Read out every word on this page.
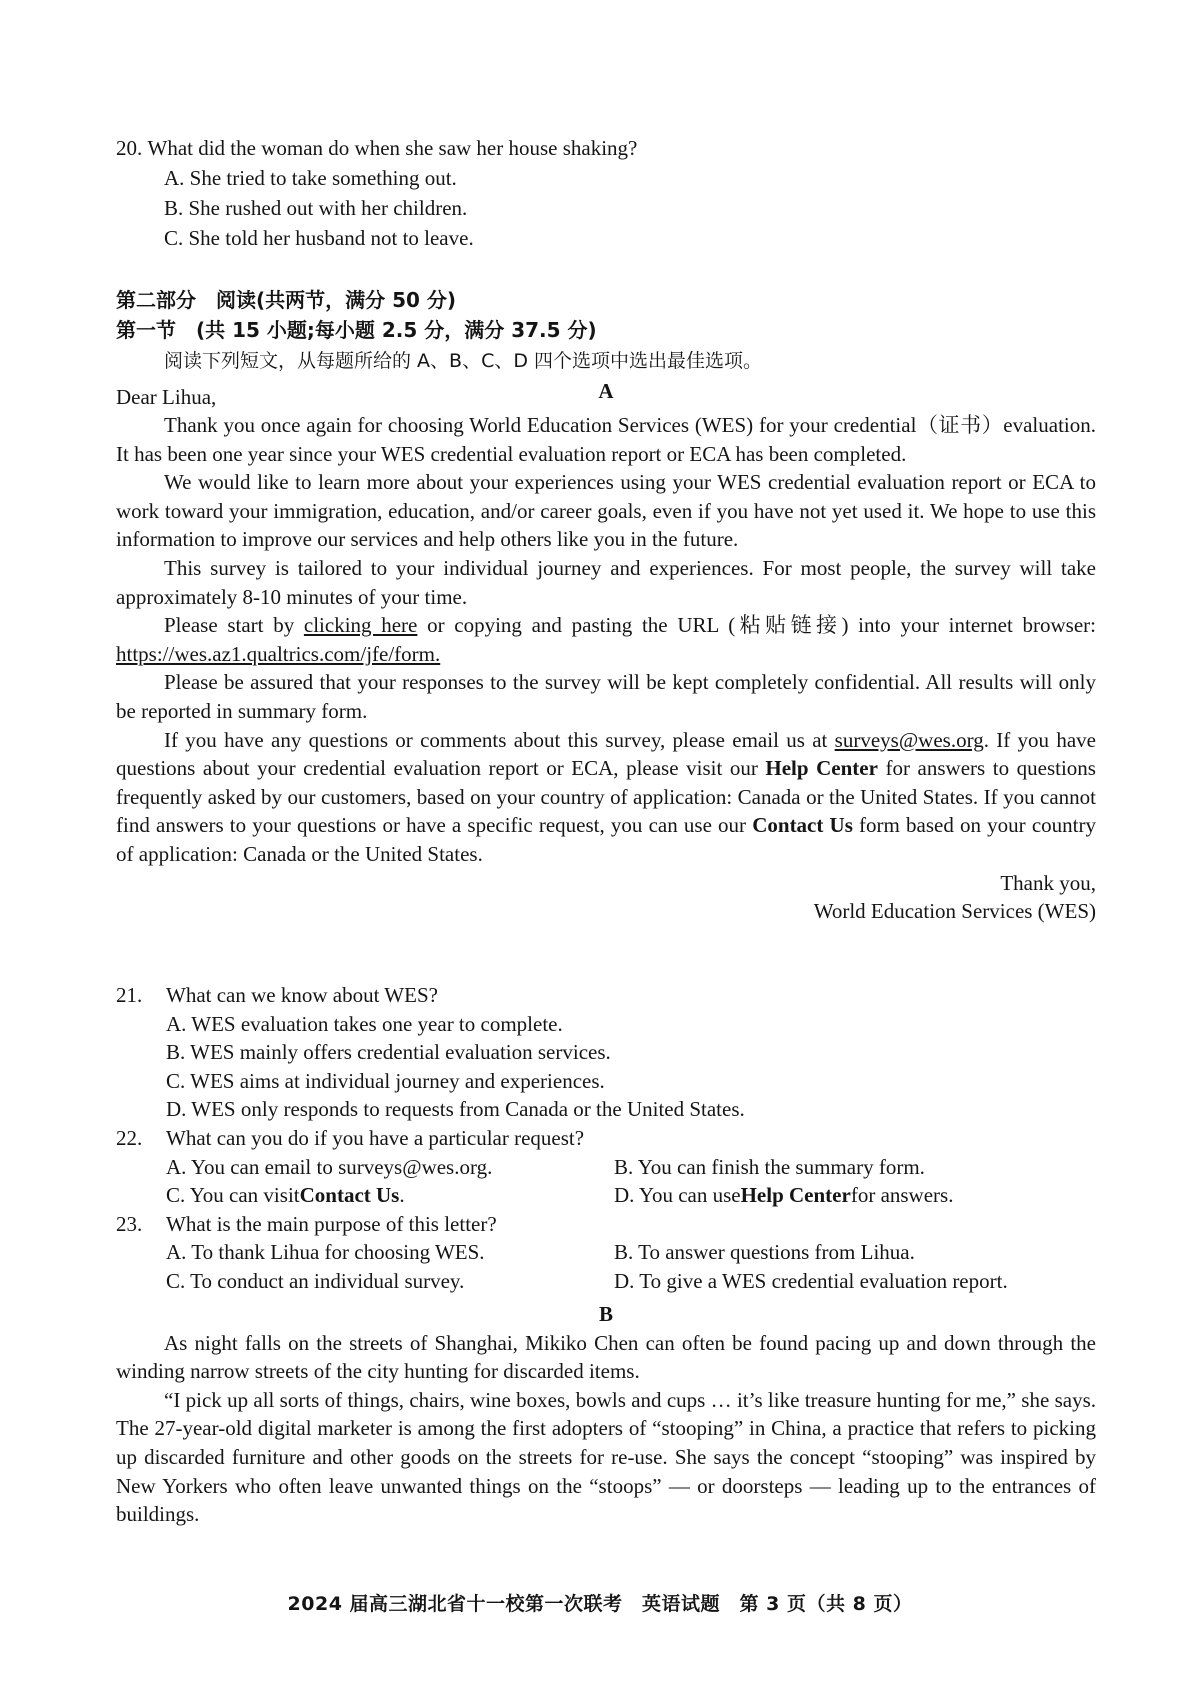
20. What did the woman do when she saw her house shaking?
A. She tried to take something out.
B. She rushed out with her children.
C. She told her husband not to leave.
第二部分　阅读(共两节，满分 50 分)
第一节　(共 15 小题;每小题 2.5 分，满分 37.5 分)
阅读下列短文，从每题所给的 A、B、C、D 四个选项中选出最佳选项。
A
Dear Lihua,

Thank you once again for choosing World Education Services (WES) for your credential（证书）evaluation. It has been one year since your WES credential evaluation report or ECA has been completed.

We would like to learn more about your experiences using your WES credential evaluation report or ECA to work toward your immigration, education, and/or career goals, even if you have not yet used it. We hope to use this information to improve our services and help others like you in the future.

This survey is tailored to your individual journey and experiences. For most people, the survey will take approximately 8-10 minutes of your time.

Please start by clicking here or copying and pasting the URL (粘贴链接) into your internet browser: https://wes.az1.qualtrics.com/jfe/form.

Please be assured that your responses to the survey will be kept completely confidential. All results will only be reported in summary form.

If you have any questions or comments about this survey, please email us at surveys@wes.org. If you have questions about your credential evaluation report or ECA, please visit our Help Center for answers to questions frequently asked by our customers, based on your country of application: Canada or the United States. If you cannot find answers to your questions or have a specific request, you can use our Contact Us form based on your country of application: Canada or the United States.

Thank you,
World Education Services (WES)
21. What can we know about WES?
A. WES evaluation takes one year to complete.
B. WES mainly offers credential evaluation services.
C. WES aims at individual journey and experiences.
D. WES only responds to requests from Canada or the United States.
22. What can you do if you have a particular request?
A. You can email to surveys@wes.org.	B. You can finish the summary form.
C. You can visitContact Us.	D. You can useHelp Centerfor answers.
23. What is the main purpose of this letter?
A. To thank Lihua for choosing WES.	B. To answer questions from Lihua.
C. To conduct an individual survey.	D. To give a WES credential evaluation report.
B

As night falls on the streets of Shanghai, Mikiko Chen can often be found pacing up and down through the winding narrow streets of the city hunting for discarded items.

“I pick up all sorts of things, chairs, wine boxes, bowls and cups … it’s like treasure hunting for me,” she says. The 27-year-old digital marketer is among the first adopters of “stooping” in China, a practice that refers to picking up discarded furniture and other goods on the streets for re-use. She says the concept “stooping” was inspired by New Yorkers who often leave unwanted things on the “stoops” — or doorsteps — leading up to the entrances of buildings.

2024 届高三湖北省十一校第一次联考　英语试题　第 3 页（共 8 页）
